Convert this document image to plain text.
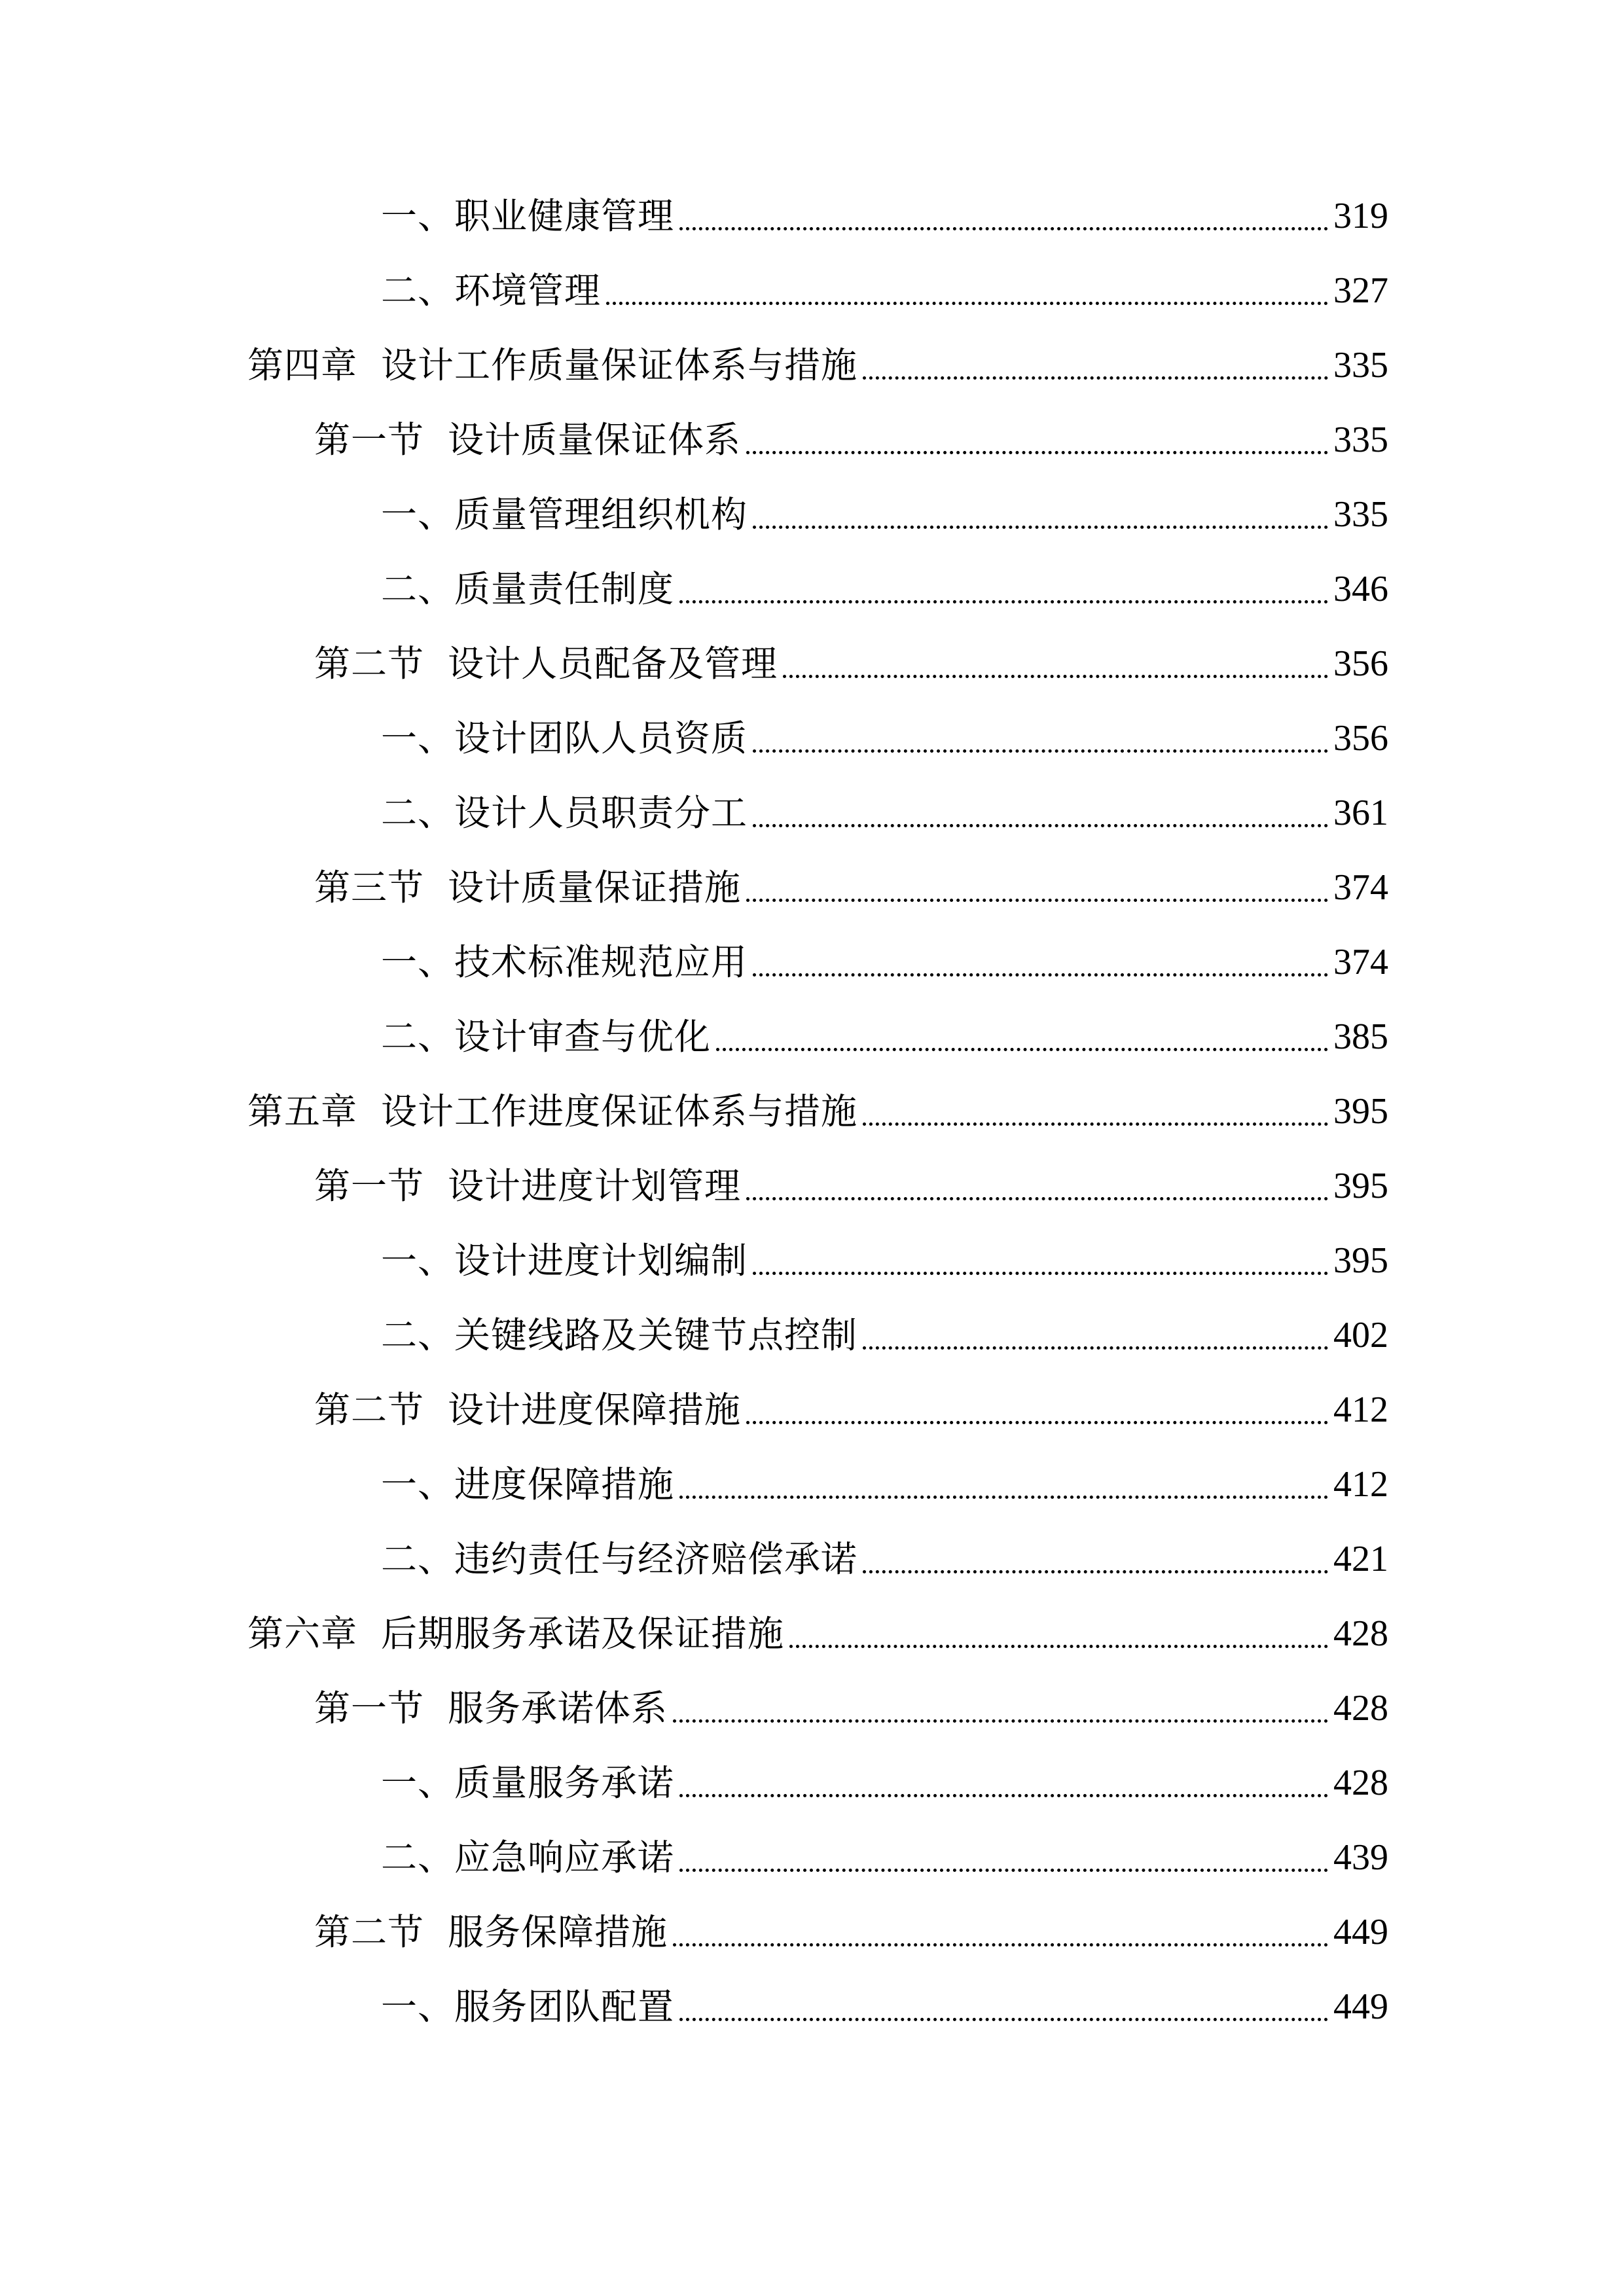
一、职业健康管理	319
二、环境管理	327
第四章 设计工作质量保证体系与措施	335
第一节 设计质量保证体系	335
一、质量管理组织机构	335
二、质量责任制度	346
第二节 设计人员配备及管理	356
一、设计团队人员资质	356
二、设计人员职责分工	361
第三节 设计质量保证措施	374
一、技术标准规范应用	374
二、设计审查与优化	385
第五章 设计工作进度保证体系与措施	395
第一节 设计进度计划管理	395
一、设计进度计划编制	395
二、关键线路及关键节点控制	402
第二节 设计进度保障措施	412
一、进度保障措施	412
二、违约责任与经济赔偿承诺	421
第六章 后期服务承诺及保证措施	428
第一节 服务承诺体系	428
一、质量服务承诺	428
二、应急响应承诺	439
第二节 服务保障措施	449
一、服务团队配置	449
